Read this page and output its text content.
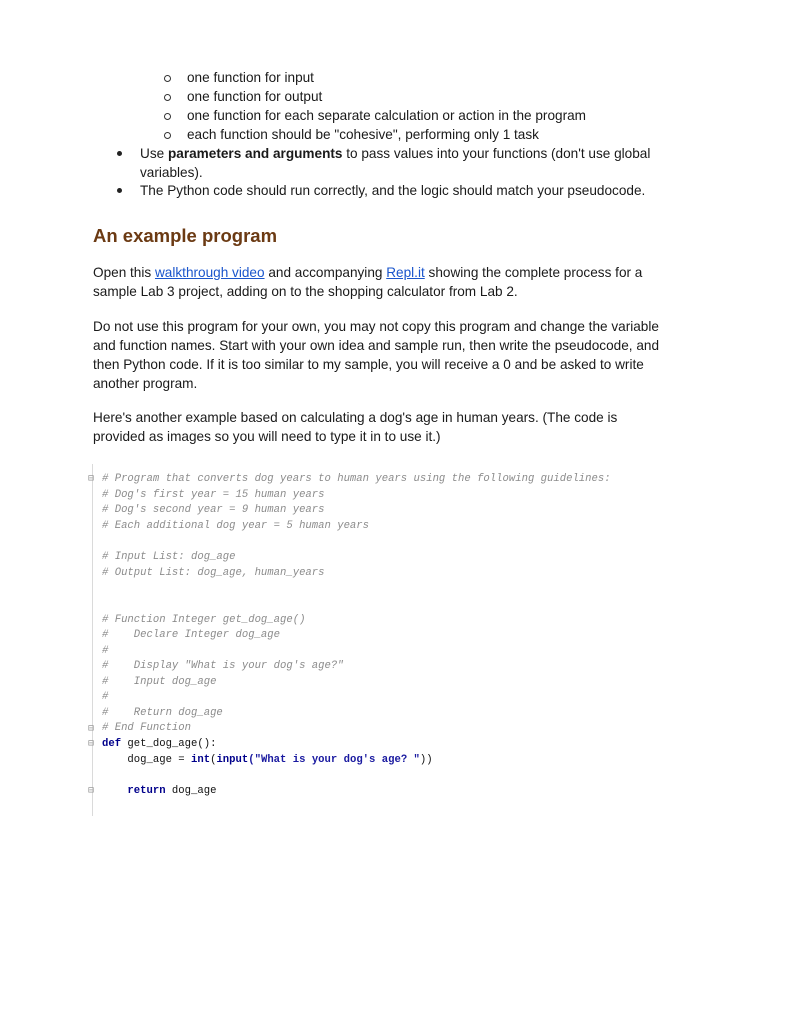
one function for input
one function for output
one function for each separate calculation or action in the program
each function should be "cohesive", performing only 1 task
Use parameters and arguments to pass values into your functions (don't use global
variables).
The Python code should run correctly, and the logic should match your pseudocode.
An example program
Open this walkthrough video and accompanying Repl.it showing the complete process for a
sample Lab 3 project, adding on to the shopping calculator from Lab 2.
Do not use this program for your own, you may not copy this program and change the variable
and function names. Start with your own idea and sample run, then write the pseudocode, and
then Python code. If it is too similar to my sample, you will receive a 0 and be asked to write
another program.
Here's another example based on calculating a dog's age in human years. (The code is
provided as images so you will need to type it in to use it.)
⊟
⊟
⊟
⊟
# Program that converts dog years to human years using the following guidelines:
# Dog's first year = 15 human years
# Dog's second year = 9 human years
# Each additional dog year = 5 human years
# Input List: dog_age
# Output List: dog_age, human_years
# Function Integer get_dog_age()
#    Declare Integer dog_age
#
#    Display "What is your dog's age?"
#    Input dog_age
#
#    Return dog_age
# End Function
def get_dog_age():
dog_age = int(input("What is your dog's age? "))
return dog_age
